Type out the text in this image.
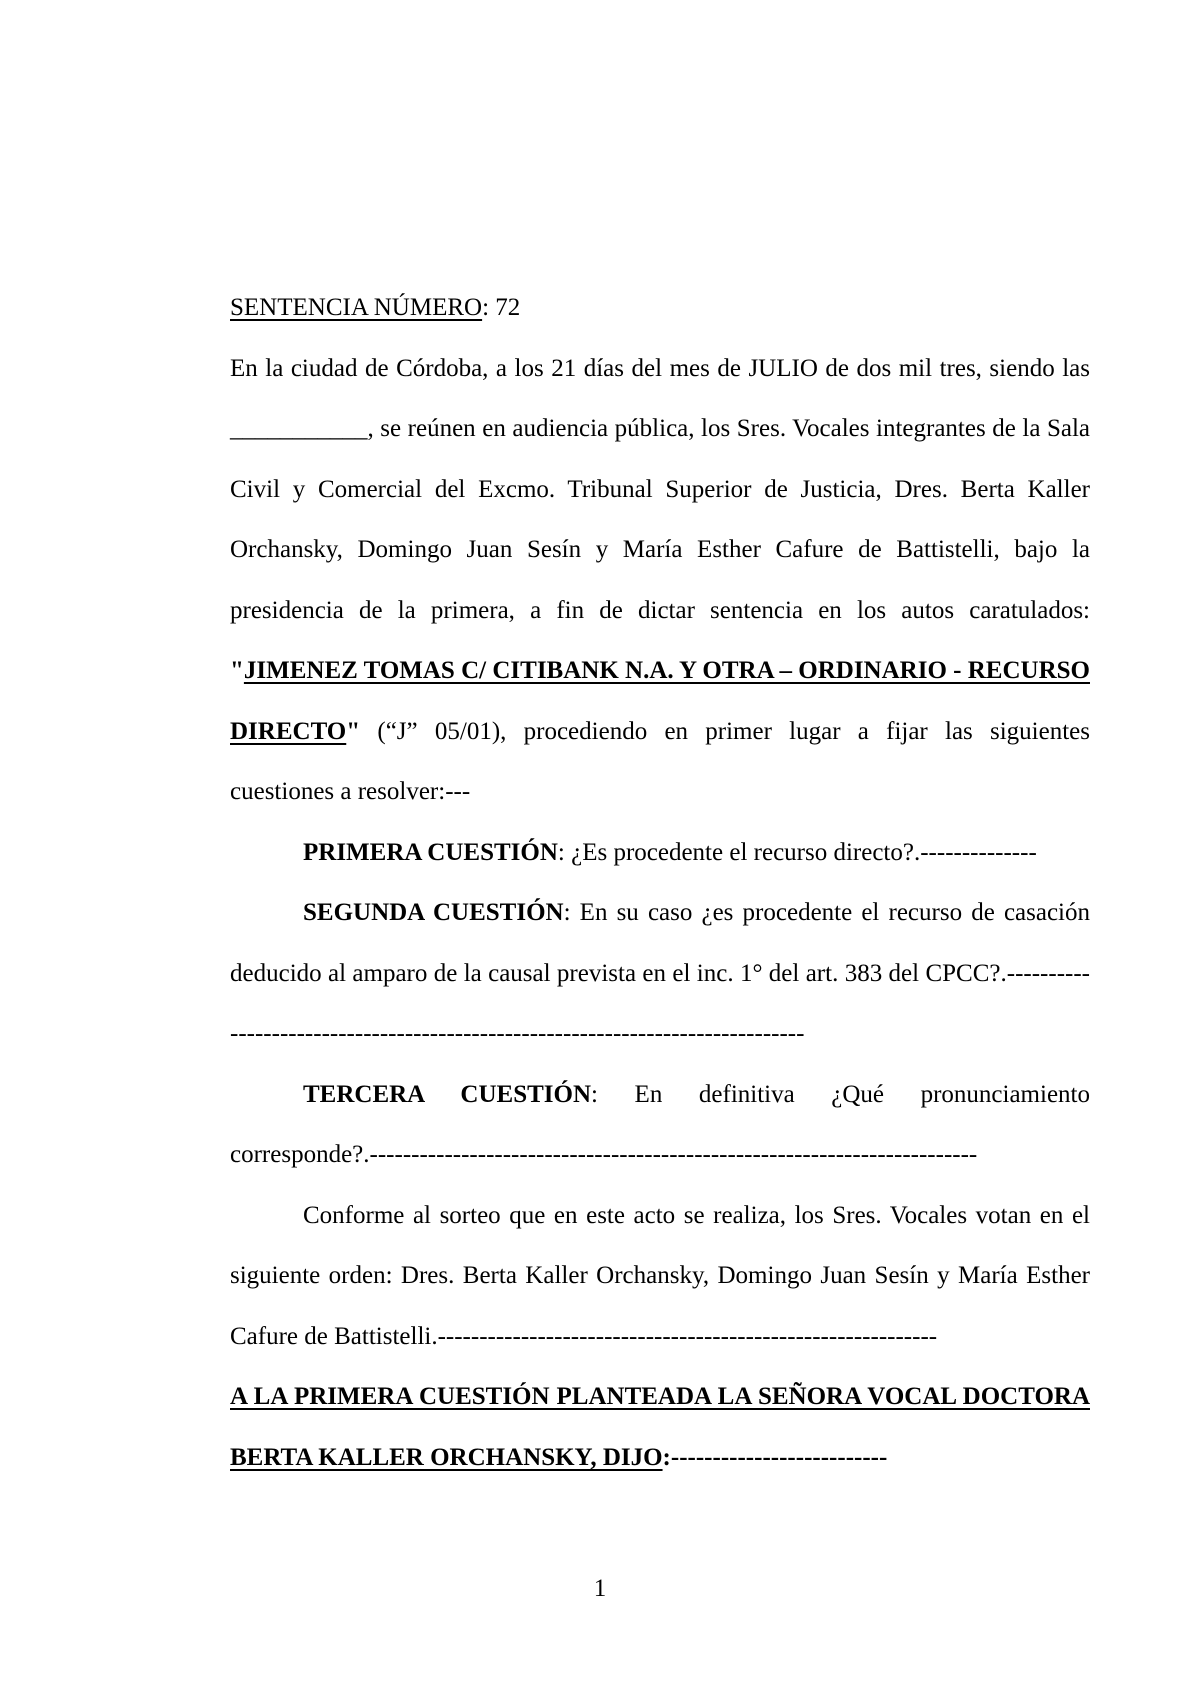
SENTENCIA NÚMERO: 72

En la ciudad de Córdoba, a los 21 días del mes de JULIO de dos mil tres, siendo las ___________, se reúnen en audiencia pública, los Sres. Vocales integrantes de la Sala Civil y Comercial del Excmo. Tribunal Superior de Justicia, Dres. Berta Kaller Orchansky, Domingo Juan Sesín y María Esther Cafure de Battistelli, bajo la presidencia de la primera, a fin de dictar sentencia en los autos caratulados: "JIMENEZ TOMAS C/ CITIBANK N.A. Y OTRA – ORDINARIO - RECURSO DIRECTO" (“J” 05/01), procediendo en primer lugar a fijar las siguientes cuestiones a resolver:---

PRIMERA CUESTIÓN: ¿Es procedente el recurso directo?.--------------

SEGUNDA CUESTIÓN: En su caso ¿es procedente el recurso de casación deducido al amparo de la causal prevista en el inc. 1° del art. 383 del CPCC?.-------------------------------------------------------------------------------

TERCERA CUESTIÓN: En definitiva ¿Qué pronunciamiento corresponde?.-------------------------------------------------------------------------

Conforme al sorteo que en este acto se realiza, los Sres. Vocales votan en el siguiente orden: Dres. Berta Kaller Orchansky, Domingo Juan Sesín y María Esther Cafure de Battistelli.------------------------------------------------------------

A LA PRIMERA CUESTIÓN PLANTEADA LA SEÑORA VOCAL DOCTORA BERTA KALLER ORCHANSKY, DIJO:--------------------------

1
